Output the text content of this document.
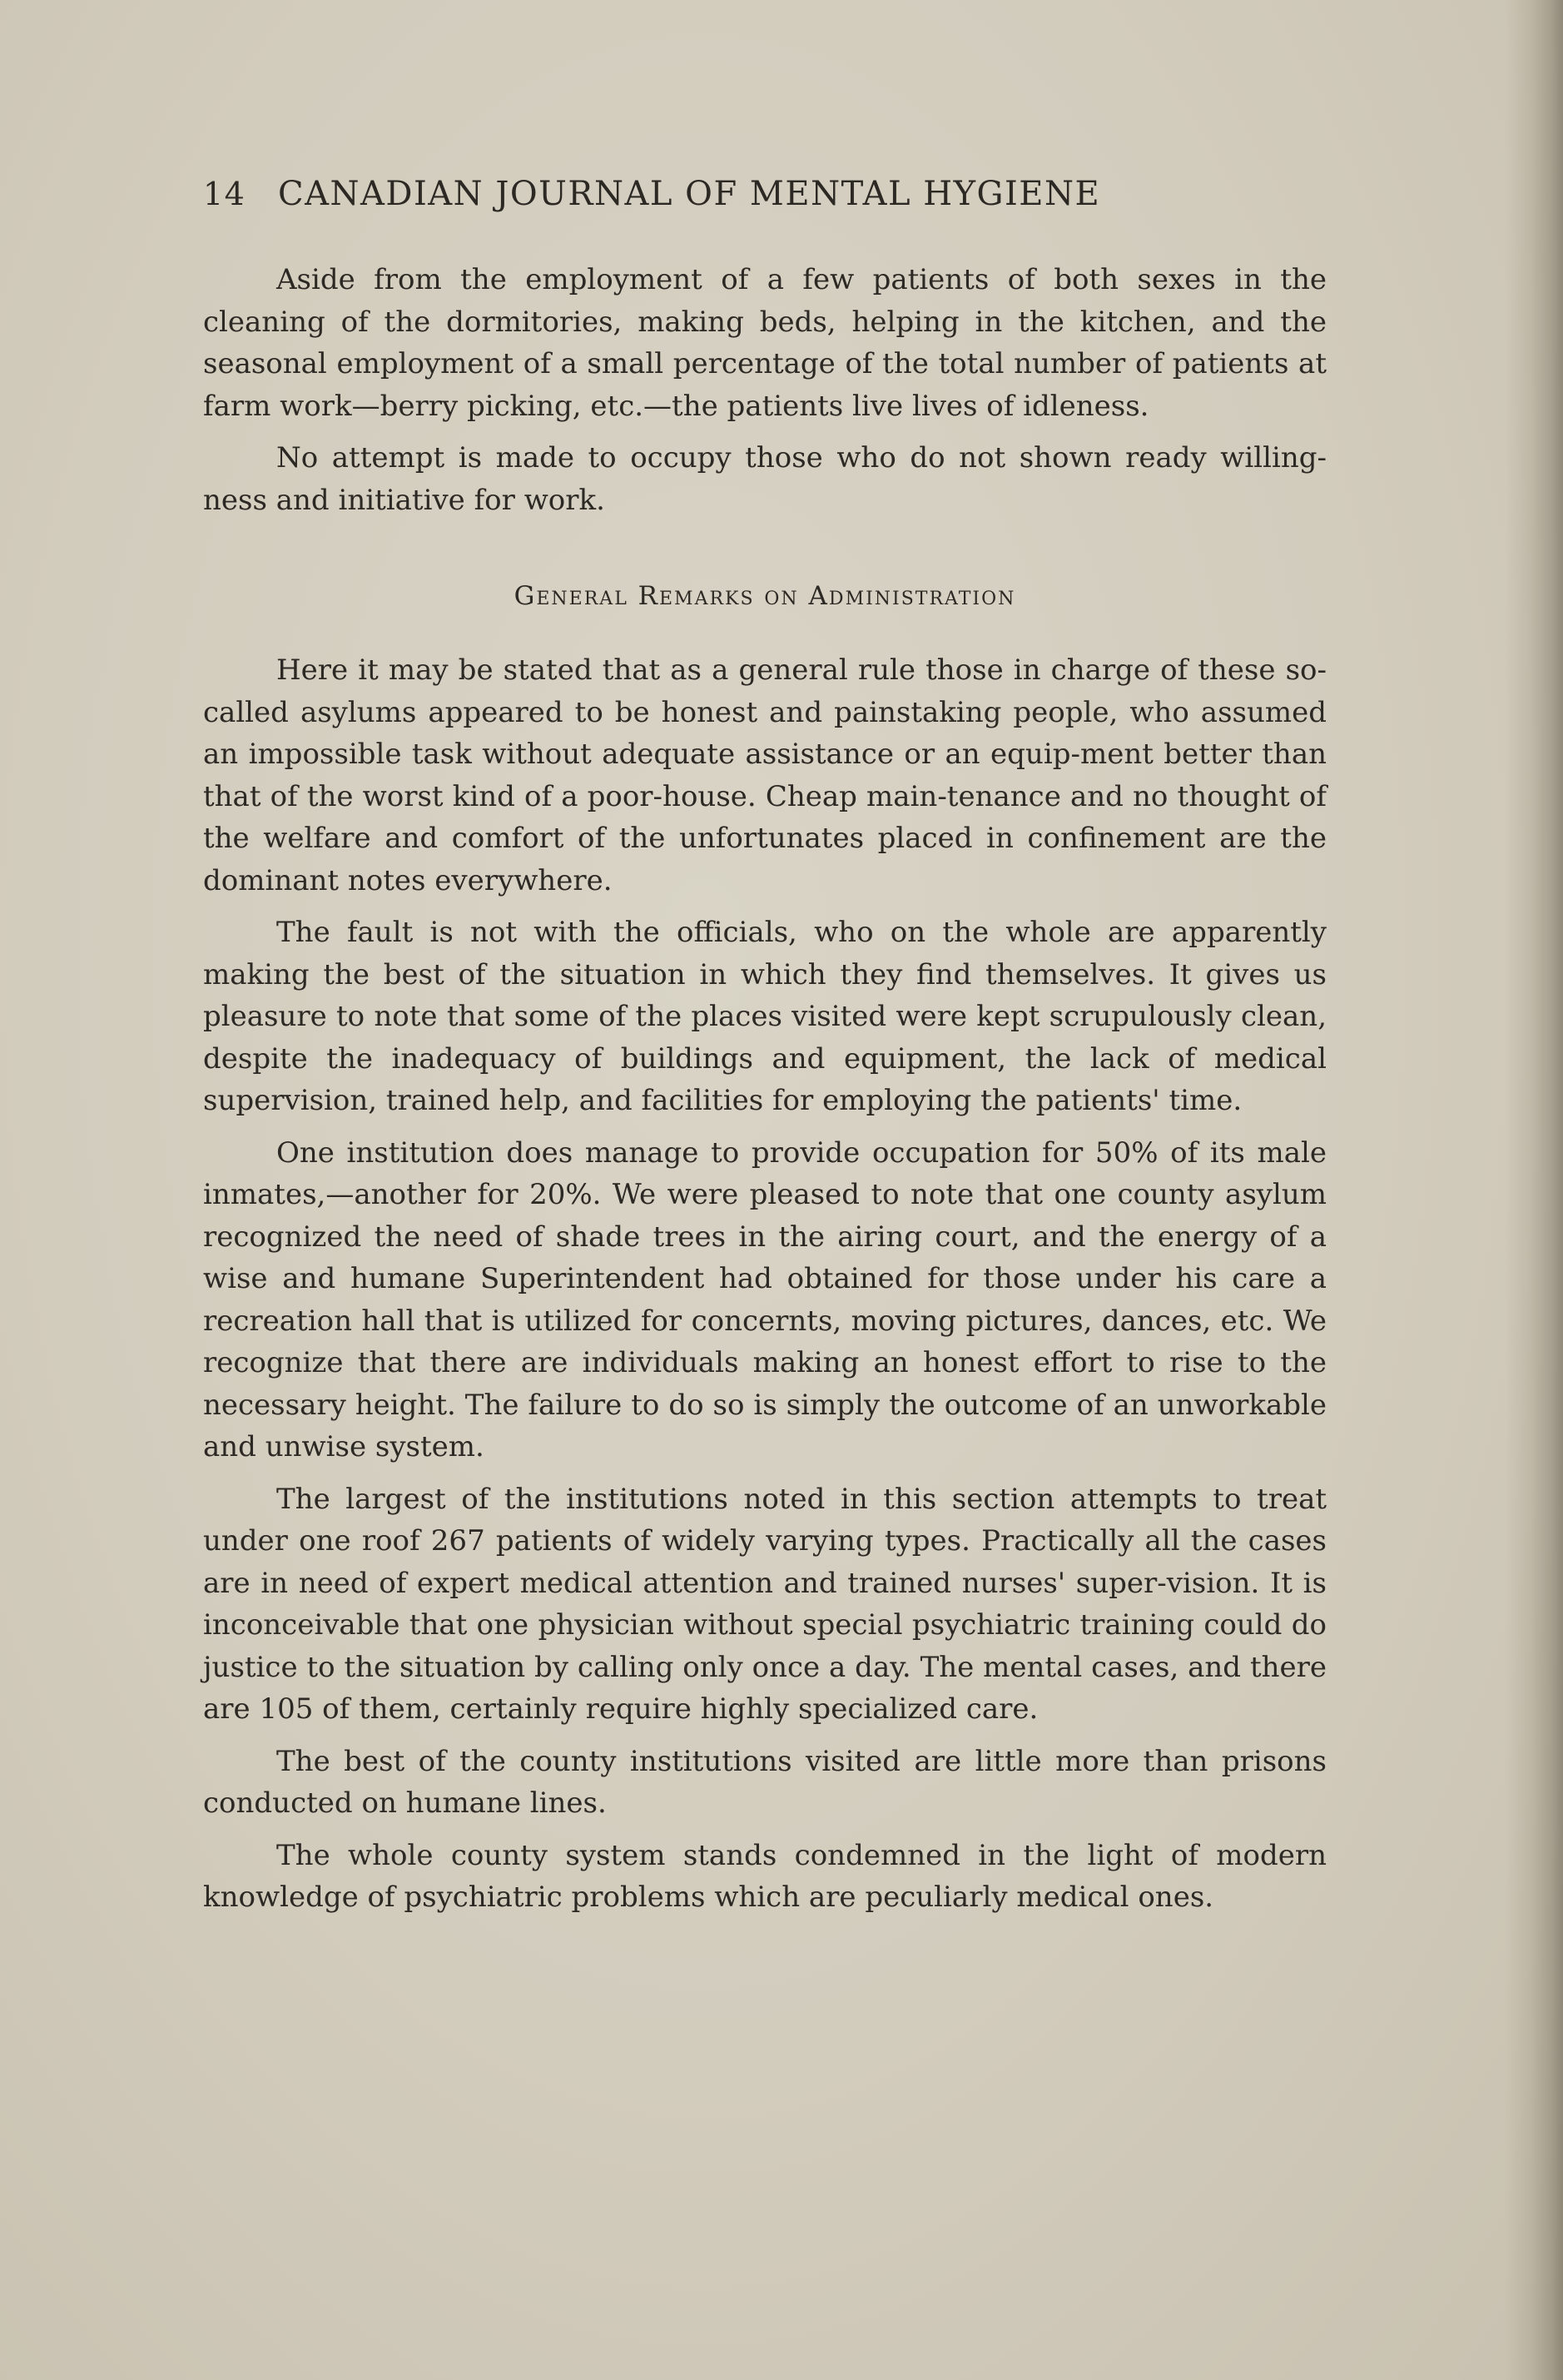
14 CANADIAN JOURNAL OF MENTAL HYGIENE

Aside from the employment of a few patients of both sexes in the cleaning of the dormitories, making beds, helping in the kitchen, and the seasonal employment of a small percentage of the total number of patients at farm work—berry picking, etc.—the patients live lives of idleness.

No attempt is made to occupy those who do not shown ready willing-ness and initiative for work.

General Remarks on Administration

Here it may be stated that as a general rule those in charge of these so-called asylums appeared to be honest and painstaking people, who assumed an impossible task without adequate assistance or an equip-ment better than that of the worst kind of a poor-house. Cheap main-tenance and no thought of the welfare and comfort of the unfortunates placed in confinement are the dominant notes everywhere.

The fault is not with the officials, who on the whole are apparently making the best of the situation in which they find themselves. It gives us pleasure to note that some of the places visited were kept scrupulously clean, despite the inadequacy of buildings and equipment, the lack of medical supervision, trained help, and facilities for employing the patients' time.

One institution does manage to provide occupation for 50% of its male inmates,—another for 20%. We were pleased to note that one county asylum recognized the need of shade trees in the airing court, and the energy of a wise and humane Superintendent had obtained for those under his care a recreation hall that is utilized for concernts, moving pictures, dances, etc. We recognize that there are individuals making an honest effort to rise to the necessary height. The failure to do so is simply the outcome of an unworkable and unwise system.

The largest of the institutions noted in this section attempts to treat under one roof 267 patients of widely varying types. Practically all the cases are in need of expert medical attention and trained nurses' super-vision. It is inconceivable that one physician without special psychiatric training could do justice to the situation by calling only once a day. The mental cases, and there are 105 of them, certainly require highly specialized care.

The best of the county institutions visited are little more than prisons conducted on humane lines.

The whole county system stands condemned in the light of modern knowledge of psychiatric problems which are peculiarly medical ones.
